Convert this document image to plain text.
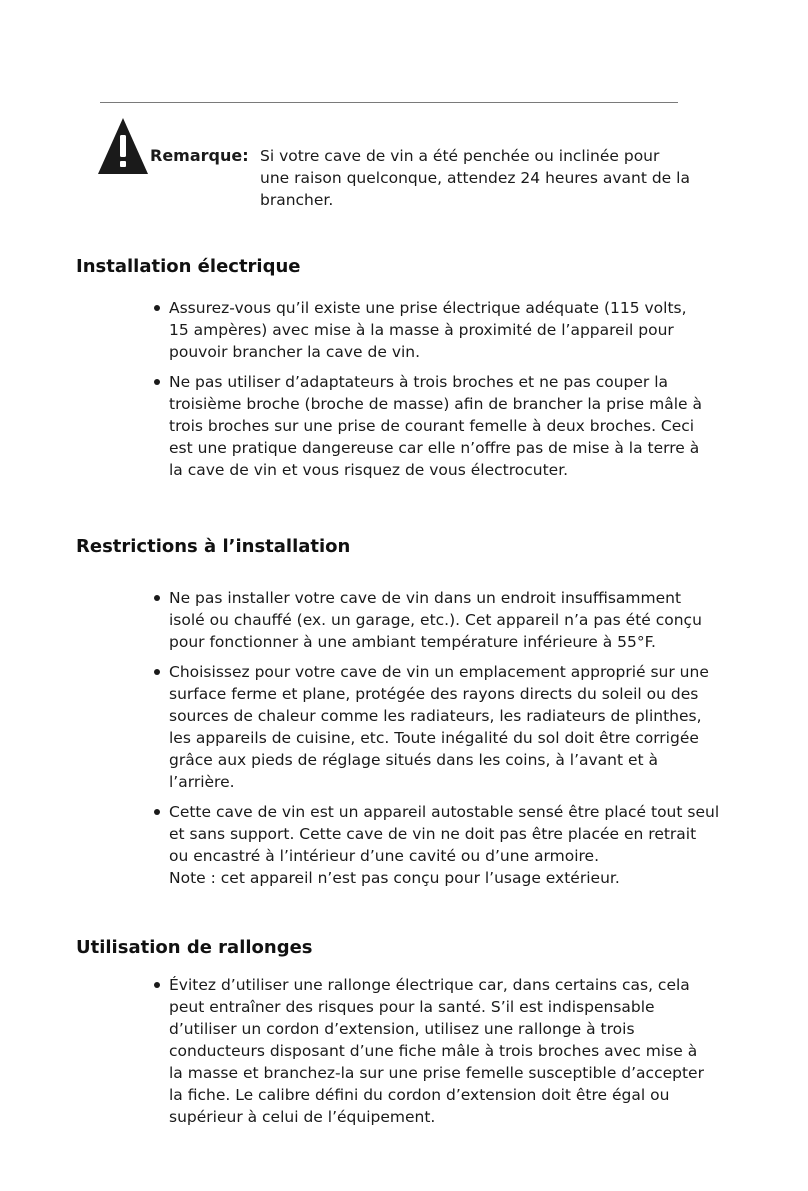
Remarque: Si votre cave de vin a été penchée ou inclinée pour
une raison quelconque, attendez 24 heures avant de la
brancher.
Installation électrique
Assurez-vous qu’il existe une prise électrique adéquate (115 volts,
15 ampères) avec mise à la masse à proximité de l’appareil pour
pouvoir brancher la cave de vin.
Ne pas utiliser d’adaptateurs à trois broches et ne pas couper la
troisième broche (broche de masse) afin de brancher la prise mâle à
trois broches sur une prise de courant femelle à deux broches. Ceci
est une pratique dangereuse car elle n’offre pas de mise à la terre à
la cave de vin et vous risquez de vous électrocuter.
Restrictions à l’installation
Ne pas installer votre cave de vin dans un endroit insuffisamment
isolé ou chauffé (ex. un garage, etc.). Cet appareil n’a pas été conçu
pour fonctionner à une ambiant température inférieure à 55°F.
Choisissez pour votre cave de vin un emplacement approprié sur une
surface ferme et plane, protégée des rayons directs du soleil ou des
sources de chaleur comme les radiateurs, les radiateurs de plinthes,
les appareils de cuisine, etc. Toute inégalité du sol doit être corrigée
grâce aux pieds de réglage situés dans les coins, à l’avant et à
l’arrière.
Cette cave de vin est un appareil autostable sensé être placé tout seul
et sans support. Cette cave de vin ne doit pas être placée en retrait
ou encastré à l’intérieur d’une cavité ou d’une armoire.
Note : cet appareil n’est pas conçu pour l’usage extérieur.
Utilisation de rallonges
Évitez d’utiliser une rallonge électrique car, dans certains cas, cela
peut entraîner des risques pour la santé. S’il est indispensable
d’utiliser un cordon d’extension, utilisez une rallonge à trois
conducteurs disposant d’une fiche mâle à trois broches avec mise à
la masse et branchez-la sur une prise femelle susceptible d’accepter
la fiche. Le calibre défini du cordon d’extension doit être égal ou
supérieur à celui de l’équipement.
